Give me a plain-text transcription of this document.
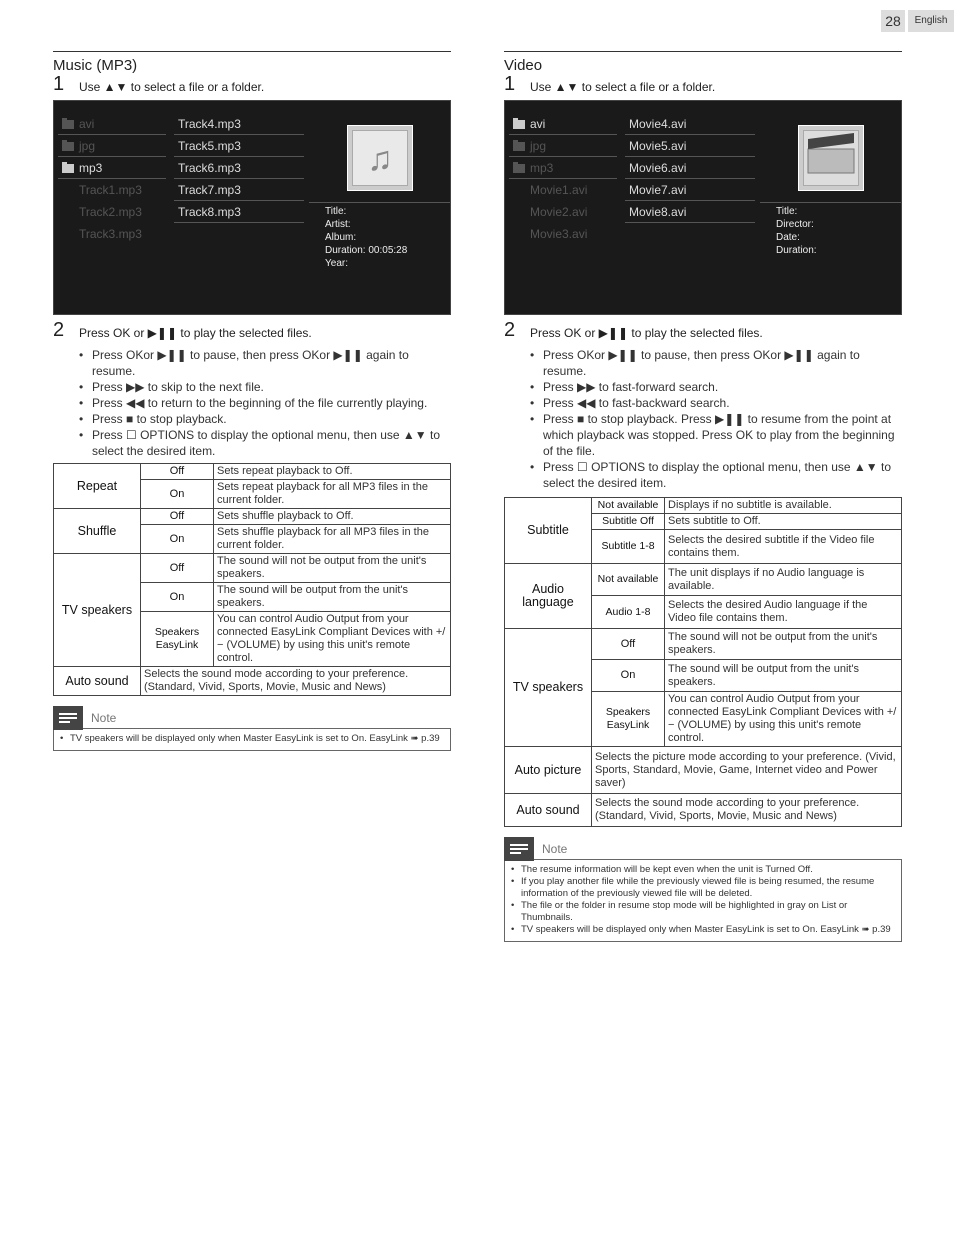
28	English
Music (MP3)
1 Use ▲▼ to select a file or a folder.
avi
jpg
mp3
Track1.mp3
Track2.mp3
Track3.mp3
Track4.mp3
Track5.mp3
Track6.mp3
Track7.mp3
Track8.mp3
♫
Title:
Artist:
Album:
Duration: 00:05:28
Year:
2 Press OK or ▶❚❚ to play the selected files.
• Press OKor ▶❚❚ to pause, then press OKor ▶❚❚ again to resume.
• Press ▶▶ to skip to the next file.
• Press ◀◀ to return to the beginning of the file currently playing.
• Press ■ to stop playback.
• Press ☐ OPTIONS to display the optional menu, then use ▲▼ to select the desired item.
Repeat	Off	Sets repeat playback to Off.
	On	Sets repeat playback for all MP3 files in the current folder.
Shuffle	Off	Sets shuffle playback to Off.
	On	Sets shuffle playback for all MP3 files in the current folder.
TV speakers	Off	The sound will not be output from the unit's speakers.
	On	The sound will be output from the unit's speakers.
	Speakers EasyLink	You can control Audio Output from your connected EasyLink Compliant Devices with +/− (VOLUME) by using this unit's remote control.
Auto sound	Selects the sound mode according to your preference. (Standard, Vivid, Sports, Movie, Music and News)	
Note
• TV speakers will be displayed only when Master EasyLink is set to On. EasyLink ➠ p.39
Video
1 Use ▲▼ to select a file or a folder.
avi
jpg
mp3
Movie1.avi
Movie2.avi
Movie3.avi
Movie4.avi
Movie5.avi
Movie6.avi
Movie7.avi
Movie8.avi	Title:
Director:
Date:
Duration:
2 Press OK or ▶❚❚ to play the selected files.
• Press OKor ▶❚❚ to pause, then press OKor ▶❚❚ again to resume.
• Press ▶▶ to fast-forward search.
• Press ◀◀ to fast-backward search.
• Press ■ to stop playback. Press ▶❚❚ to resume from the point at which playback was stopped. Press OK to play from the beginning of the file.
• Press ☐ OPTIONS to display the optional menu, then use ▲▼ to select the desired item.
Subtitle	Not available	Displays if no subtitle is available.
	Subtitle Off	Sets subtitle to Off.
	Subtitle 1-8	Selects the desired subtitle if the Video file contains them.
Audio language	Not available	The unit displays if no Audio language is available.
	Audio 1-8	Selects the desired Audio language if the Video file contains them.
TV speakers	Off	The sound will not be output from the unit's speakers.
	On	The sound will be output from the unit's speakers.
	Speakers EasyLink	You can control Audio Output from your connected EasyLink Compliant Devices with +/− (VOLUME) by using this unit's remote control.
Auto picture	Selects the picture mode according to your preference. (Vivid, Sports, Standard, Movie, Game, Internet video and Power saver)	
Auto sound	Selects the sound mode according to your preference. (Standard, Vivid, Sports, Movie, Music and News)	
Note
• The resume information will be kept even when the unit is Turned Off.
• If you play another file while the previously viewed file is being resumed, the resume information of the previously viewed file will be deleted.
• The file or the folder in resume stop mode will be highlighted in gray on List or Thumbnails.
• TV speakers will be displayed only when Master EasyLink is set to On. EasyLink ➠ p.39
